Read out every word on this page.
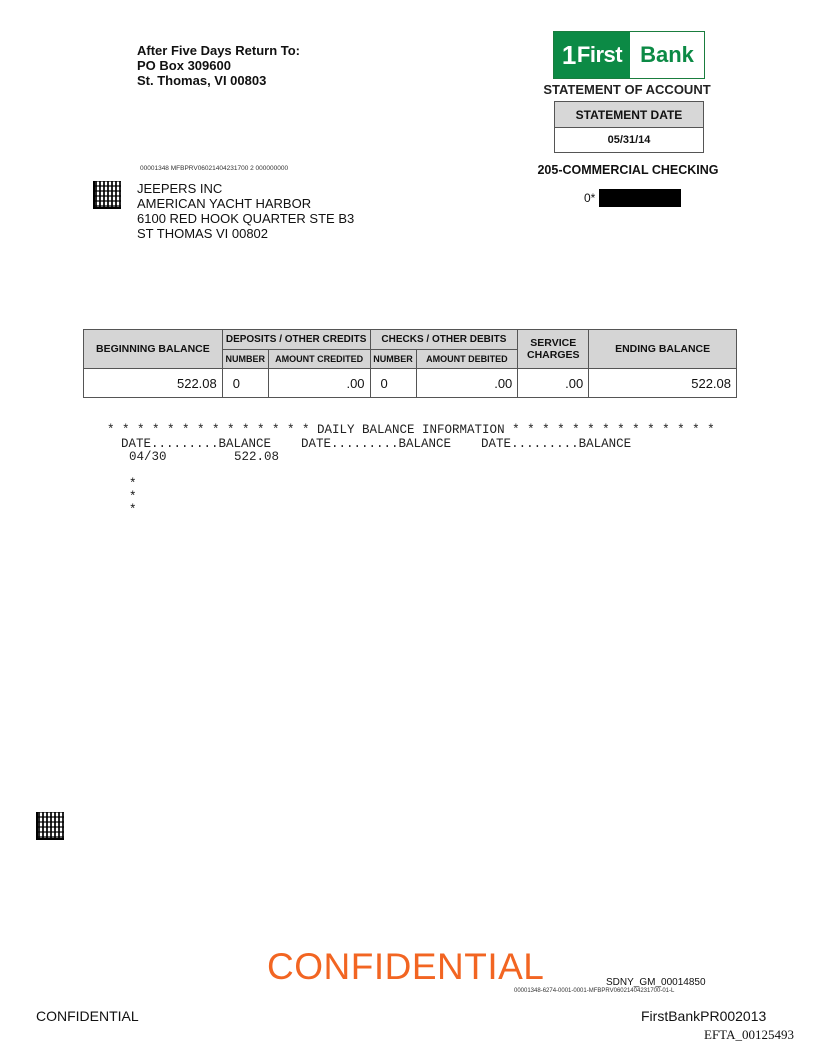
After Five Days Return To:
PO Box 309600
St. Thomas, VI 00803
1 First Bank
STATEMENT OF ACCOUNT
STATEMENT DATE
05/31/14
205-COMMERCIAL CHECKING
0*
00001348 MFBPRV06021404231700 2 000000000
JEEPERS INC
AMERICAN YACHT HARBOR
6100 RED HOOK QUARTER STE B3
ST THOMAS VI 00802
BEGINNING BALANCE	DEPOSITS / OTHER CREDITS		CHECKS / OTHER DEBITS		SERVICE CHARGES	ENDING BALANCE
	NUMBER	AMOUNT CREDITED	NUMBER	AMOUNT DEBITED		
522.08	0	.00	0	.00	.00	522.08
* * * * * * * * * * * * * * DAILY BALANCE INFORMATION * * * * * * * * * * * * * *
DATE.........BALANCE    DATE.........BALANCE    DATE.........BALANCE
04/30	522.08
*
*
*
CONFIDENTIAL	SDNY_GM_00014850
00001348-6274-0001-0001-MFBPRV06021404231700-01-L
CONFIDENTIAL	FirstBankPR002013
EFTA_00125493
